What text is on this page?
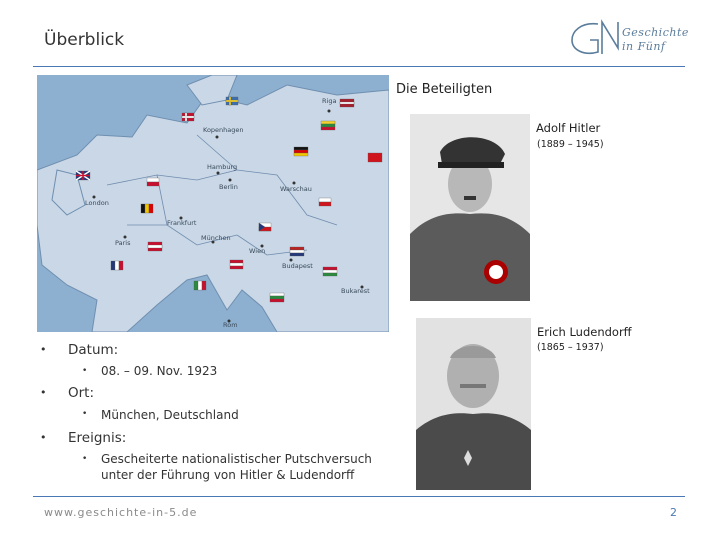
Überblick	Geschichte
in Fünf
Riga
Kopenhagen
Hamburg
Berlin	Warschau
London
Frankfurt
Paris
München
Wien
Budapest
Bukarest
Rom
Die Beteiligten
Adolf Hitler
(1889 – 1945)
Erich Ludendorff
(1865 – 1937)
• Datum:
• 08. – 09. Nov. 1923
• Ort:
• München, Deutschland
• Ereignis:
• Gescheiterte nationalistischer Putschversuch
unter der Führung von Hitler & Ludendorff
www.geschichte-in-5.de	2
